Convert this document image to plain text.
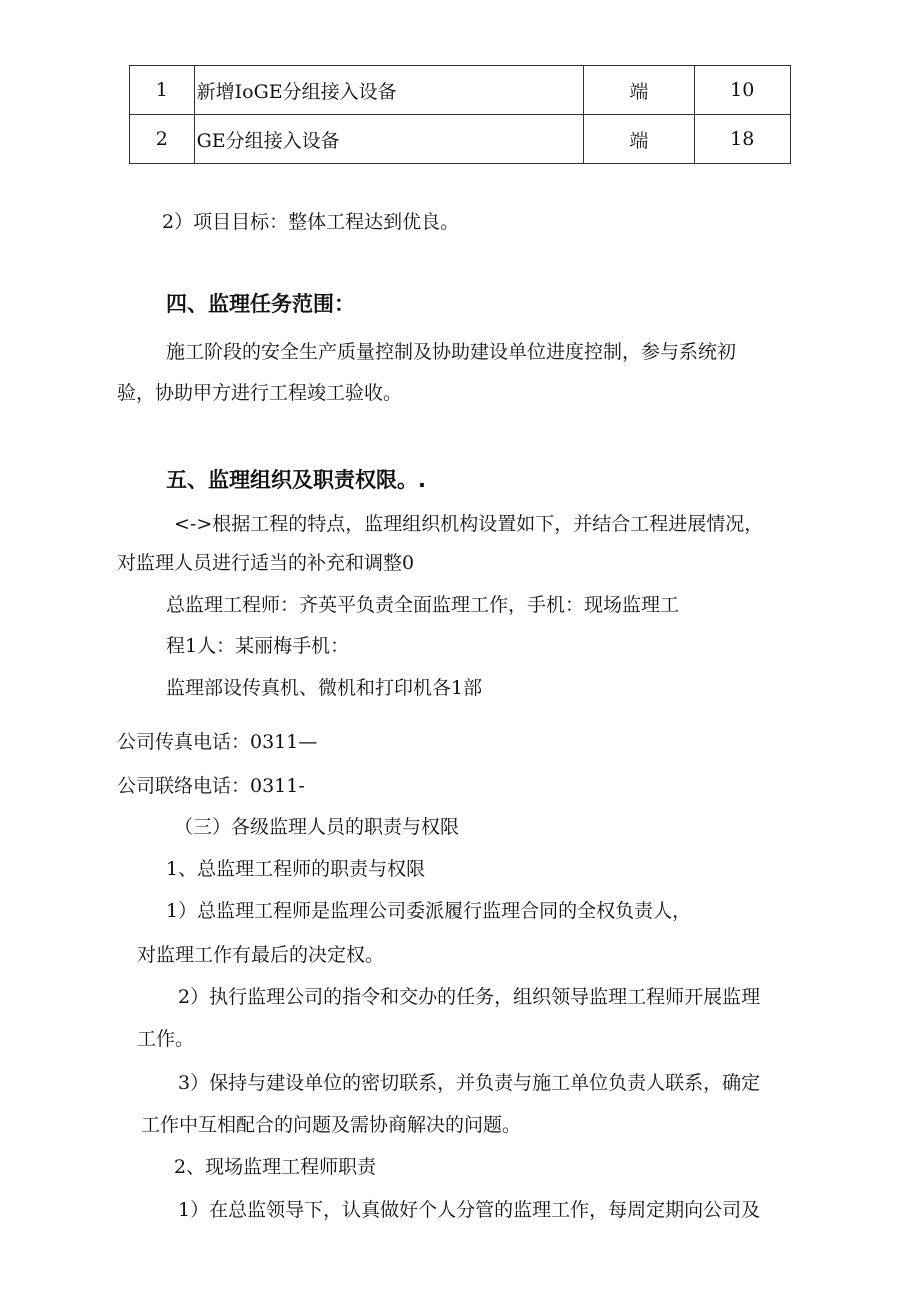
1	新增IoGE分组接入设备	端	10
2	GE分组接入设备	端	18
2）项目目标：整体工程达到优良。
四、监理任务范围：
施工阶段的安全生产质量控制及协助建设单位进度控制，参与系统初
验，协助甲方进行工程竣工验收。
五、监理组织及职责权限。.
<->根据工程的特点，监理组织机构设置如下，并结合工程进展情况，
对监理人员进行适当的补充和调整0
总监理工程师：齐英平负责全面监理工作，手机：现场监理工
程1人：某丽梅手机：
监理部设传真机、微机和打印机各1部
公司传真电话：0311—
公司联络电话：0311-
（三）各级监理人员的职责与权限
1、总监理工程师的职责与权限
1）总监理工程师是监理公司委派履行监理合同的全权负责人，
对监理工作有最后的决定权。
2）执行监理公司的指令和交办的任务，组织领导监理工程师开展监理
工作。
3）保持与建设单位的密切联系，并负责与施工单位负责人联系，确定
工作中互相配合的问题及需协商解决的问题。
2、现场监理工程师职责
1）在总监领导下，认真做好个人分管的监理工作，每周定期向公司及
